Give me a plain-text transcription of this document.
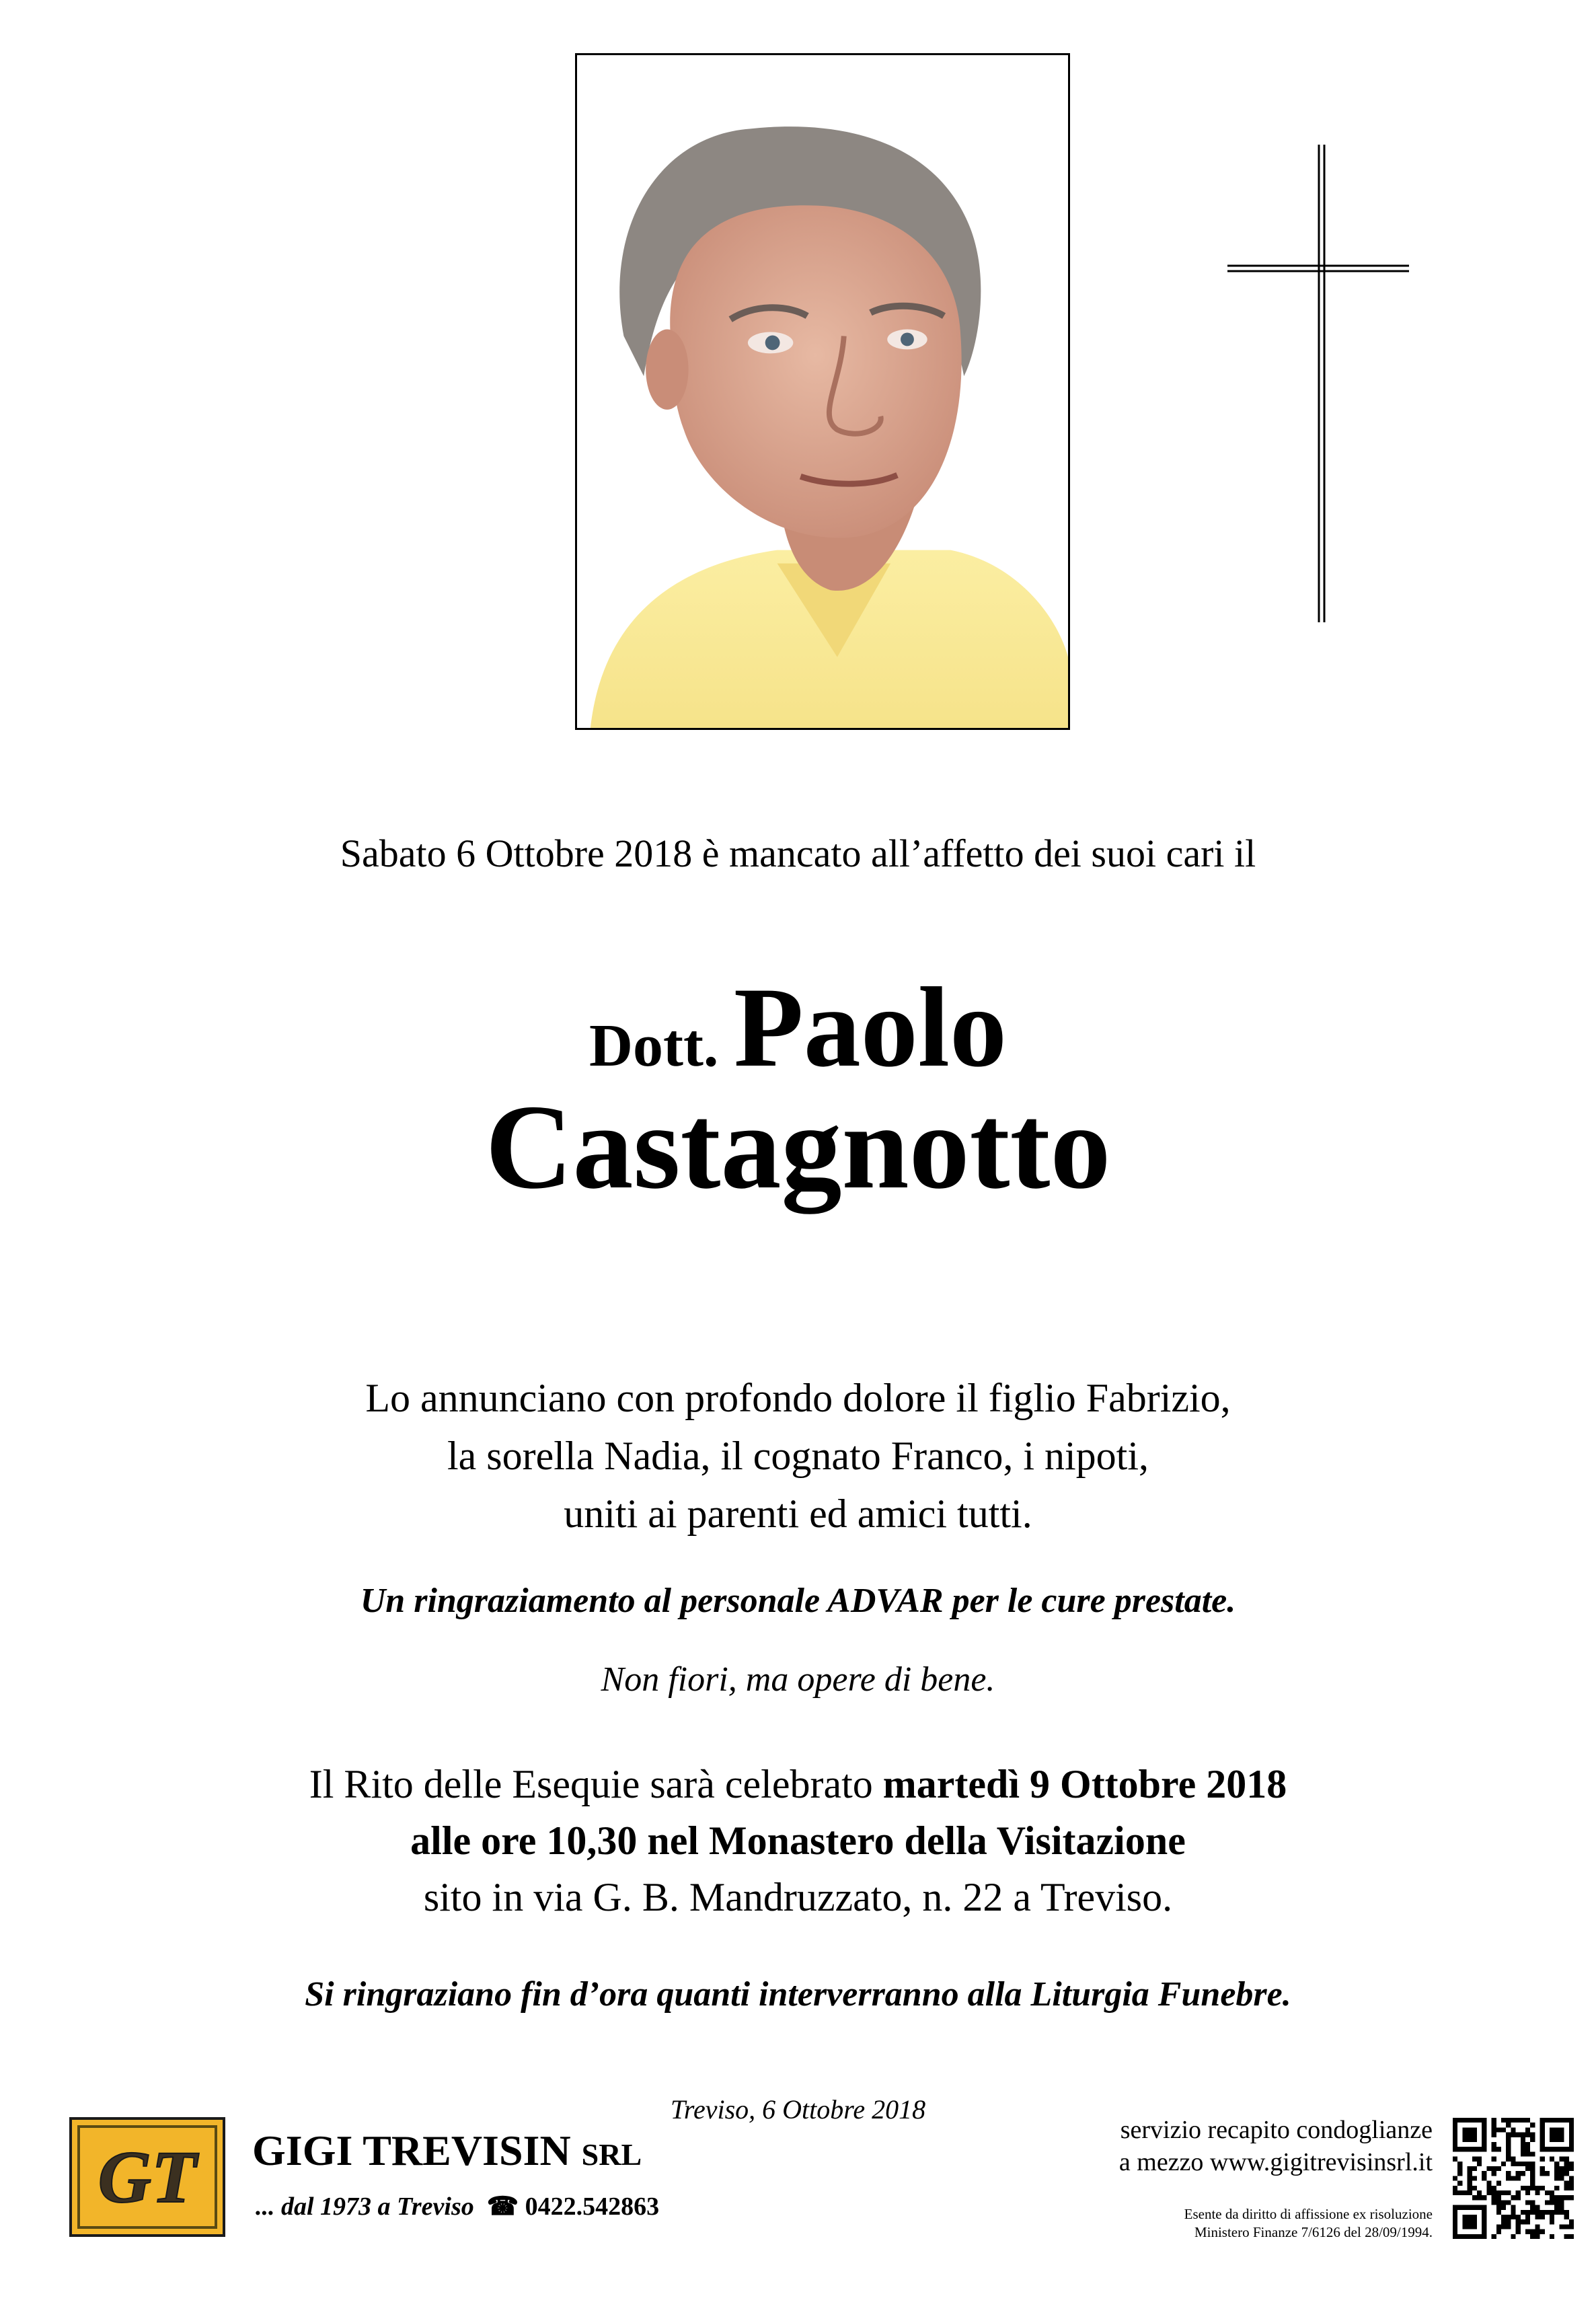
Sabato 6 Ottobre 2018 è mancato all’affetto dei suoi cari il
Dott. Paolo
Castagnotto
Lo annunciano con profondo dolore il figlio Fabrizio,
la sorella Nadia, il cognato Franco, i nipoti,
uniti ai parenti ed amici tutti.
Un ringraziamento al personale ADVAR per le cure prestate.
Non fiori, ma opere di bene.
Il Rito delle Esequie sarà celebrato martedì 9 Ottobre 2018
alle ore 10,30 nel Monastero della Visitazione
sito in via G. B. Mandruzzato, n. 22 a Treviso.
Si ringraziano fin d’ora quanti interverranno alla Liturgia Funebre.
Treviso, 6 Ottobre 2018
GT GIGI TREVISIN SRL
... dal 1973 a Treviso ☎ 0422.542863
servizio recapito condoglianze
a mezzo www.gigitrevisinsrl.it
Esente da diritto di affissione ex risoluzione
Ministero Finanze 7/6126 del 28/09/1994.
